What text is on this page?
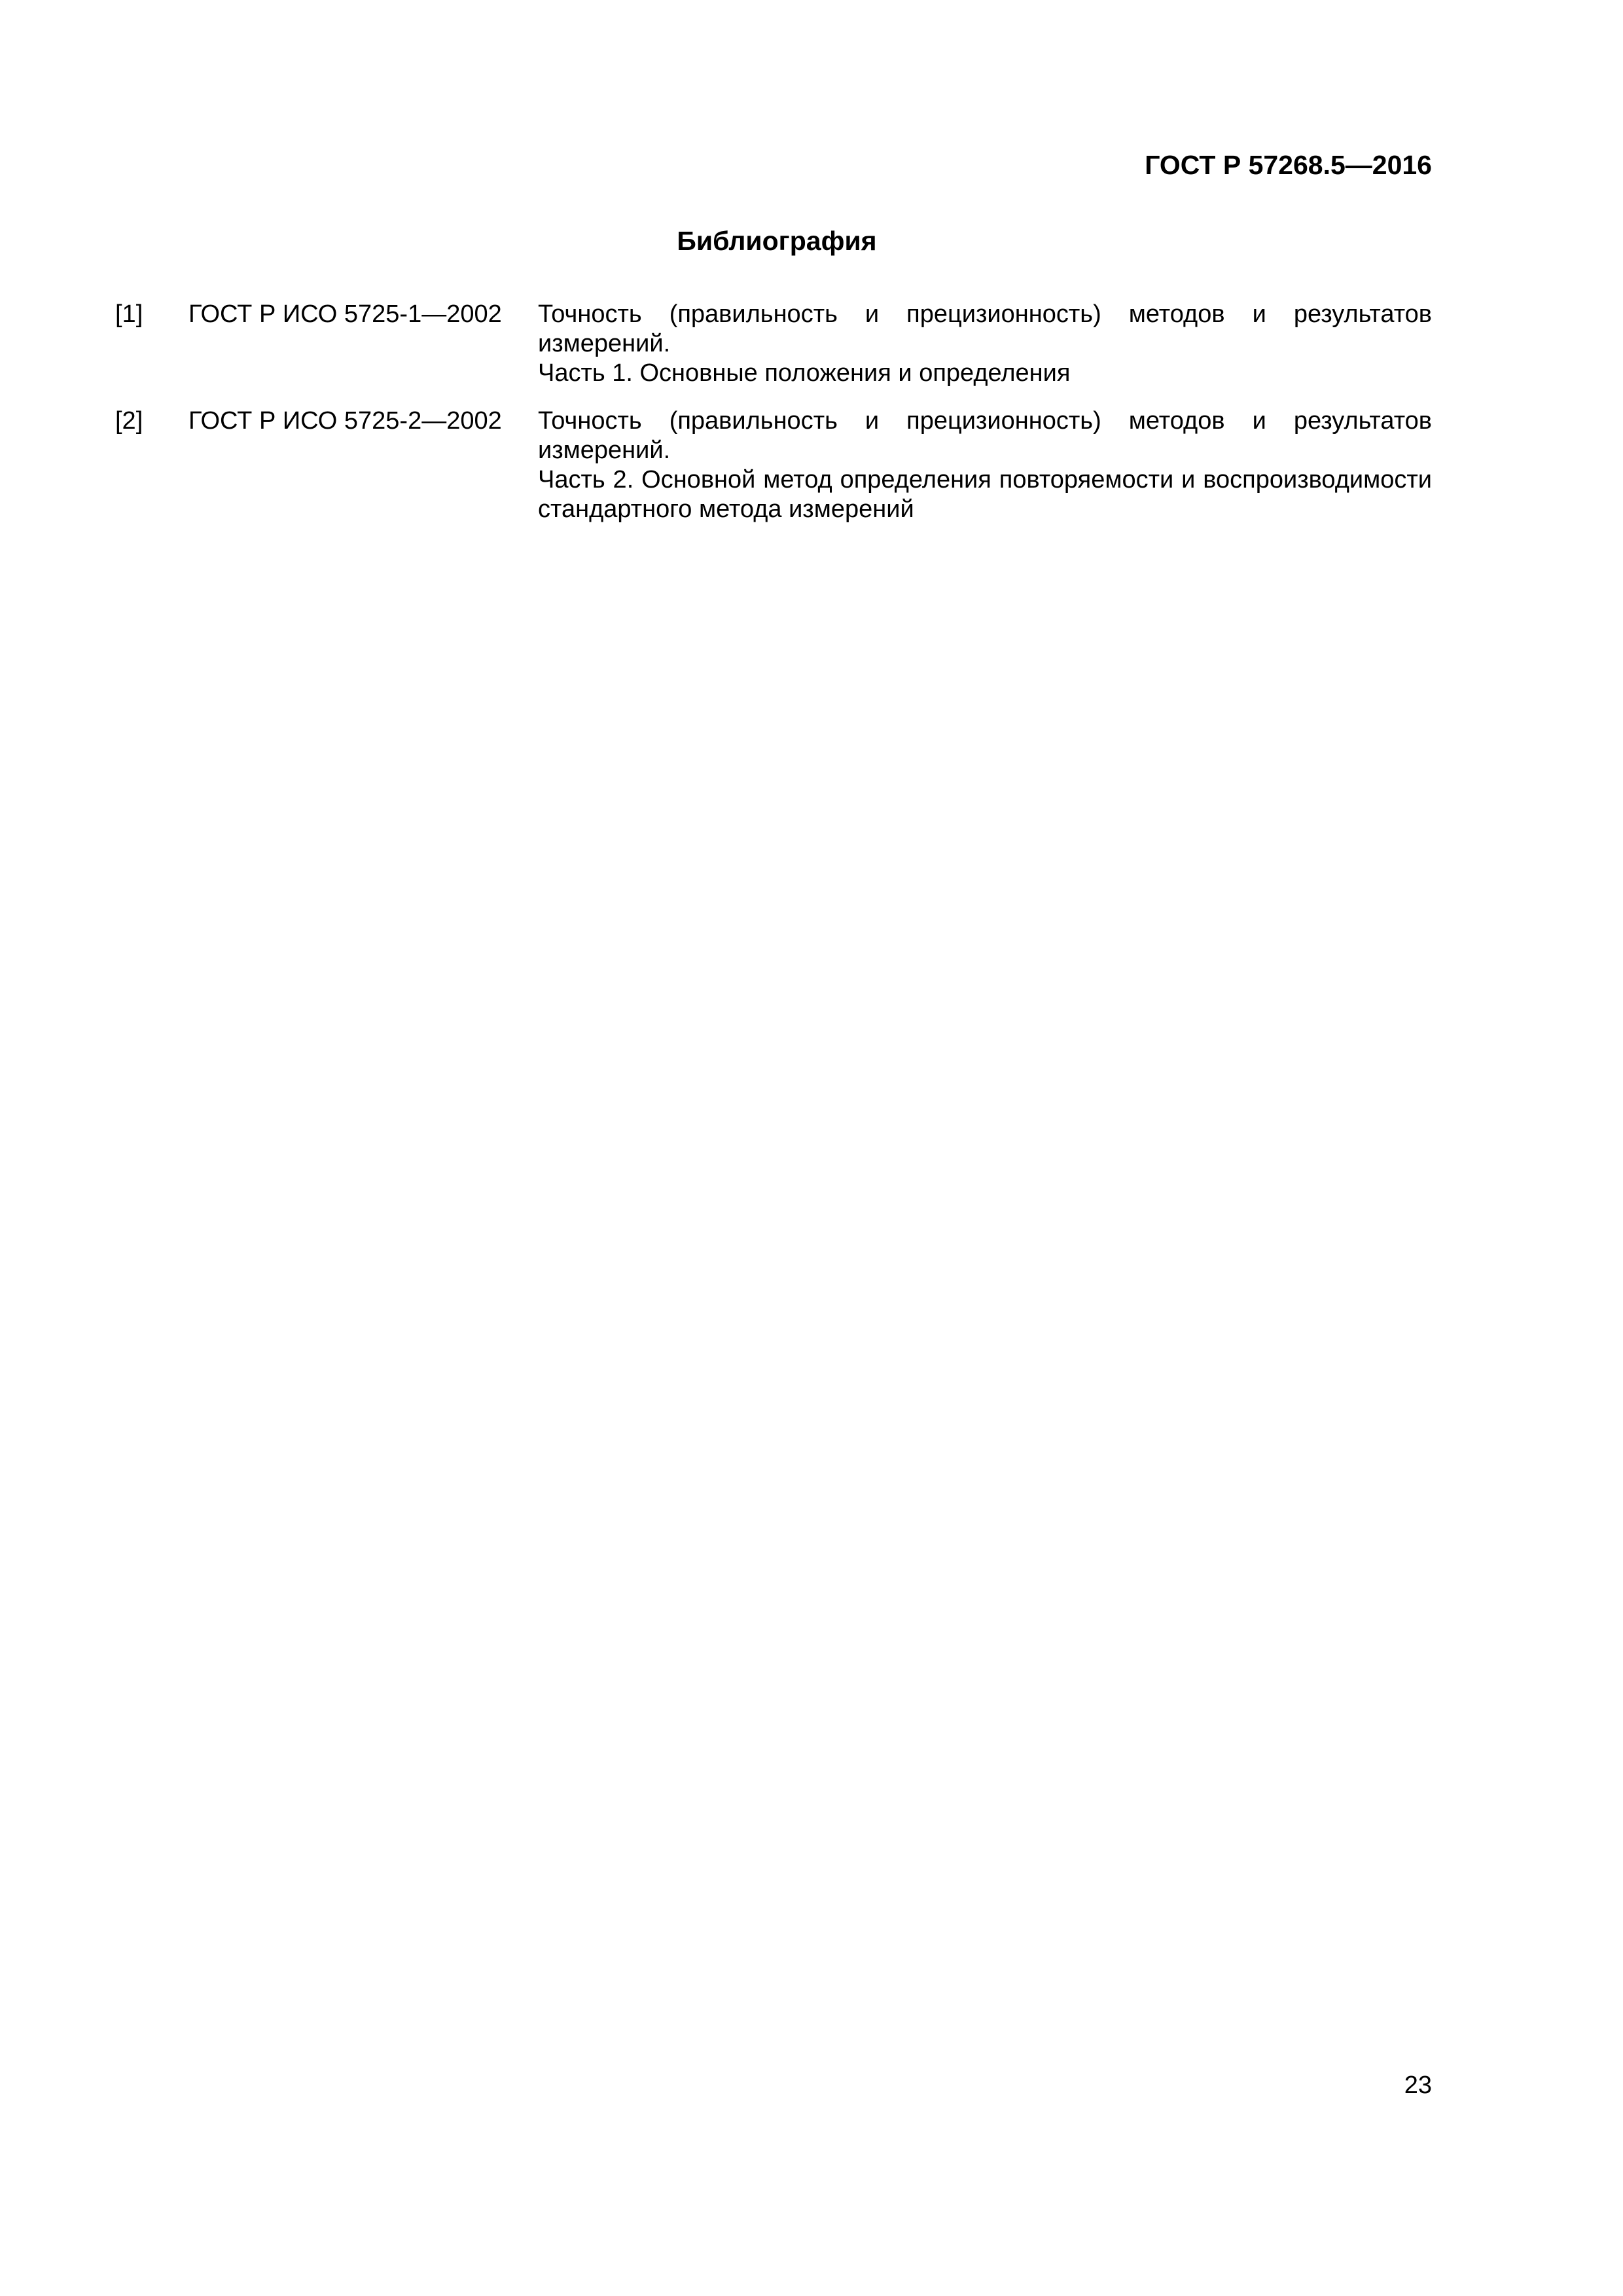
ГОСТ Р 57268.5—2016
Библиография
[1]	ГОСТ Р ИСО 5725-1—2002	Точность (правильность и прецизионность) методов и результатов измерений.
Часть 1. Основные положения и определения
[2]	ГОСТ Р ИСО 5725-2—2002	Точность (правильность и прецизионность) методов и результатов измерений.
Часть 2. Основной метод определения повторяемости и воспроизводимости
стандартного метода измерений
23
